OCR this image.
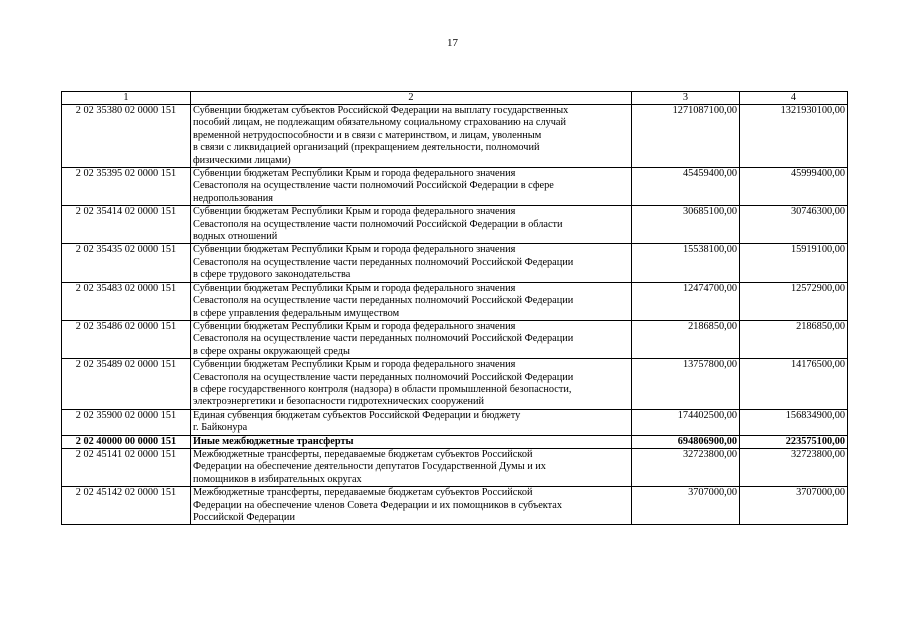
17
1	2	3	4
2 02 35380 02 0000 151	Субвенции бюджетам субъектов Российской Федерации на выплату государственных
пособий лицам, не подлежащим обязательному социальному страхованию на случай
временной нетрудоспособности и в связи с материнством, и лицам, уволенным
в связи с ликвидацией организаций (прекращением деятельности, полномочий
физическими лицами)	1271087100,00	1321930100,00
2 02 35395 02 0000 151	Субвенции бюджетам Республики Крым и города федерального значения
Севастополя на осуществление части полномочий Российской Федерации в сфере
недропользования	45459400,00	45999400,00
2 02 35414 02 0000 151	Субвенции бюджетам Республики Крым и города федерального значения
Севастополя на осуществление части полномочий Российской Федерации в области
водных отношений	30685100,00	30746300,00
2 02 35435 02 0000 151	Субвенции бюджетам Республики Крым и города федерального значения
Севастополя на осуществление части переданных полномочий Российской Федерации
в сфере трудового законодательства	15538100,00	15919100,00
2 02 35483 02 0000 151	Субвенции бюджетам Республики Крым и города федерального значения
Севастополя на осуществление части переданных полномочий Российской Федерации
в сфере управления федеральным имуществом	12474700,00	12572900,00
2 02 35486 02 0000 151	Субвенции бюджетам Республики Крым и города федерального значения
Севастополя на осуществление части переданных полномочий Российской Федерации
в сфере охраны окружающей среды	2186850,00	2186850,00
2 02 35489 02 0000 151	Субвенции бюджетам Республики Крым и города федерального значения
Севастополя на осуществление части переданных полномочий Российской Федерации
в сфере государственного контроля (надзора) в области промышленной безопасности,
электроэнергетики и безопасности гидротехнических сооружений	13757800,00	14176500,00
2 02 35900 02 0000 151	Единая субвенция бюджетам субъектов Российской Федерации и бюджету
г. Байконура	174402500,00	156834900,00
2 02 40000 00 0000 151	Иные межбюджетные трансферты	694806900,00	223575100,00
2 02 45141 02 0000 151	Межбюджетные трансферты, передаваемые бюджетам субъектов Российской
Федерации на обеспечение деятельности депутатов Государственной Думы и их
помощников в избирательных округах	32723800,00	32723800,00
2 02 45142 02 0000 151	Межбюджетные трансферты, передаваемые бюджетам субъектов Российской
Федерации на обеспечение членов Совета Федерации и их помощников в субъектах
Российской Федерации	3707000,00	3707000,00
